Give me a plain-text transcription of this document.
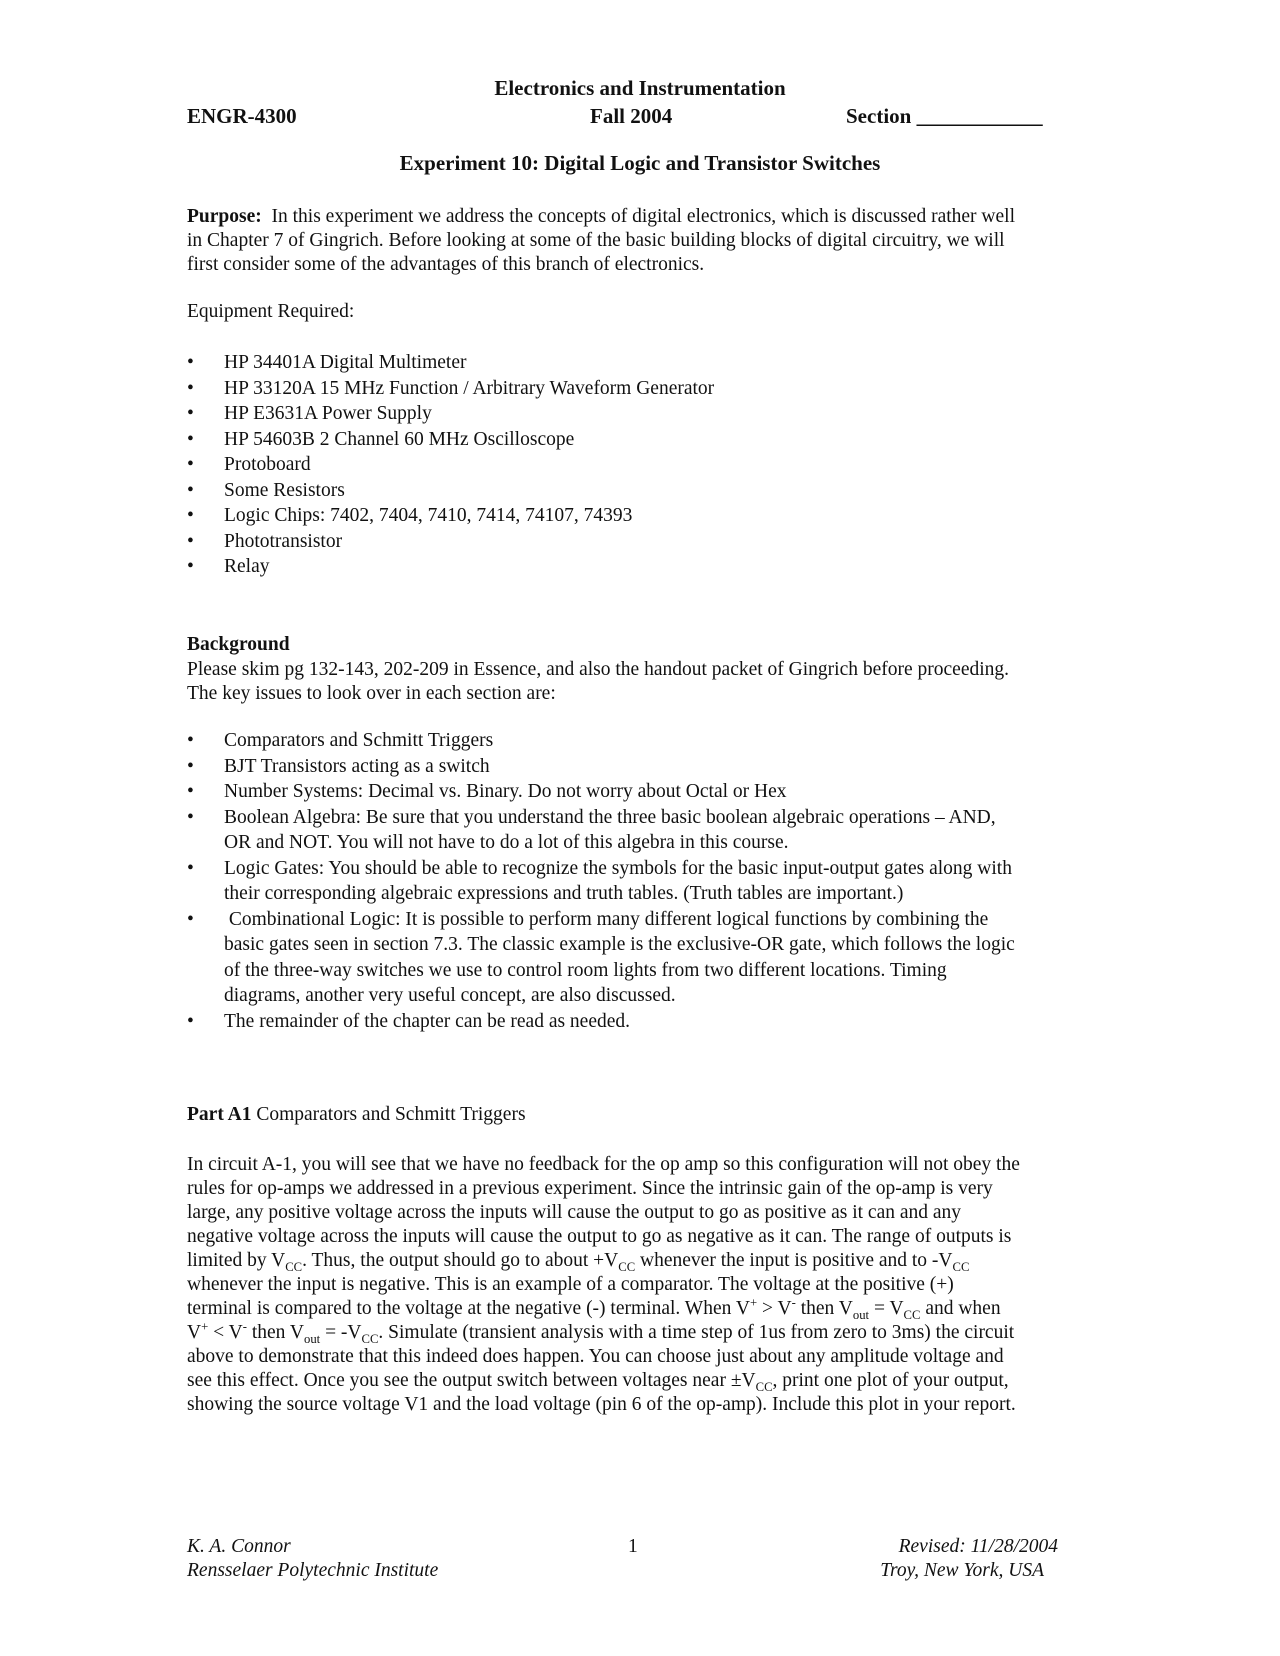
Electronics and Instrumentation
ENGR-4300	Fall 2004	Section ____________
Experiment 10: Digital Logic and Transistor Switches
Purpose: In this experiment we address the concepts of digital electronics, which is discussed rather well
in Chapter 7 of Gingrich. Before looking at some of the basic building blocks of digital circuitry, we will
first consider some of the advantages of this branch of electronics.
Equipment Required:
• HP 34401A Digital Multimeter
• HP 33120A 15 MHz Function / Arbitrary Waveform Generator
• HP E3631A Power Supply
• HP 54603B 2 Channel 60 MHz Oscilloscope
• Protoboard
• Some Resistors
• Logic Chips: 7402, 7404, 7410, 7414, 74107, 74393
• Phototransistor
• Relay
Background
Please skim pg 132-143, 202-209 in Essence, and also the handout packet of Gingrich before proceeding.
The key issues to look over in each section are:
• Comparators and Schmitt Triggers
• BJT Transistors acting as a switch
• Number Systems: Decimal vs. Binary. Do not worry about Octal or Hex
• Boolean Algebra: Be sure that you understand the three basic boolean algebraic operations – AND,
OR and NOT. You will not have to do a lot of this algebra in this course.
• Logic Gates: You should be able to recognize the symbols for the basic input-output gates along with
their corresponding algebraic expressions and truth tables. (Truth tables are important.)
• Combinational Logic: It is possible to perform many different logical functions by combining the
basic gates seen in section 7.3. The classic example is the exclusive-OR gate, which follows the logic
of the three-way switches we use to control room lights from two different locations. Timing
diagrams, another very useful concept, are also discussed.
• The remainder of the chapter can be read as needed.
Part A1 Comparators and Schmitt Triggers
In circuit A-1, you will see that we have no feedback for the op amp so this configuration will not obey the
rules for op-amps we addressed in a previous experiment. Since the intrinsic gain of the op-amp is very
large, any positive voltage across the inputs will cause the output to go as positive as it can and any
negative voltage across the inputs will cause the output to go as negative as it can. The range of outputs is
limited by $V_{CC}$. Thus, the output should go to about $+V_{CC}$ whenever the input is positive and to $-V_{CC}$
whenever the input is negative. This is an example of a comparator. The voltage at the positive (+)
terminal is compared to the voltage at the negative (-) terminal. When V+ > V- then $V_{out} = V_{CC}$ and when
V+ < V- then $V_{out} = -V_{CC}$. Simulate (transient analysis with a time step of 1us from zero to 3ms) the circuit
above to demonstrate that this indeed does happen. You can choose just about any amplitude voltage and
see this effect. Once you see the output switch between voltages near $\pm V_{CC}$, print one plot of your output,
showing the source voltage V1 and the load voltage (pin 6 of the op-amp). Include this plot in your report.
K. A. Connor
Rensselaer Polytechnic Institute
1	Revised: 11/28/2004
Troy, New York, USA
